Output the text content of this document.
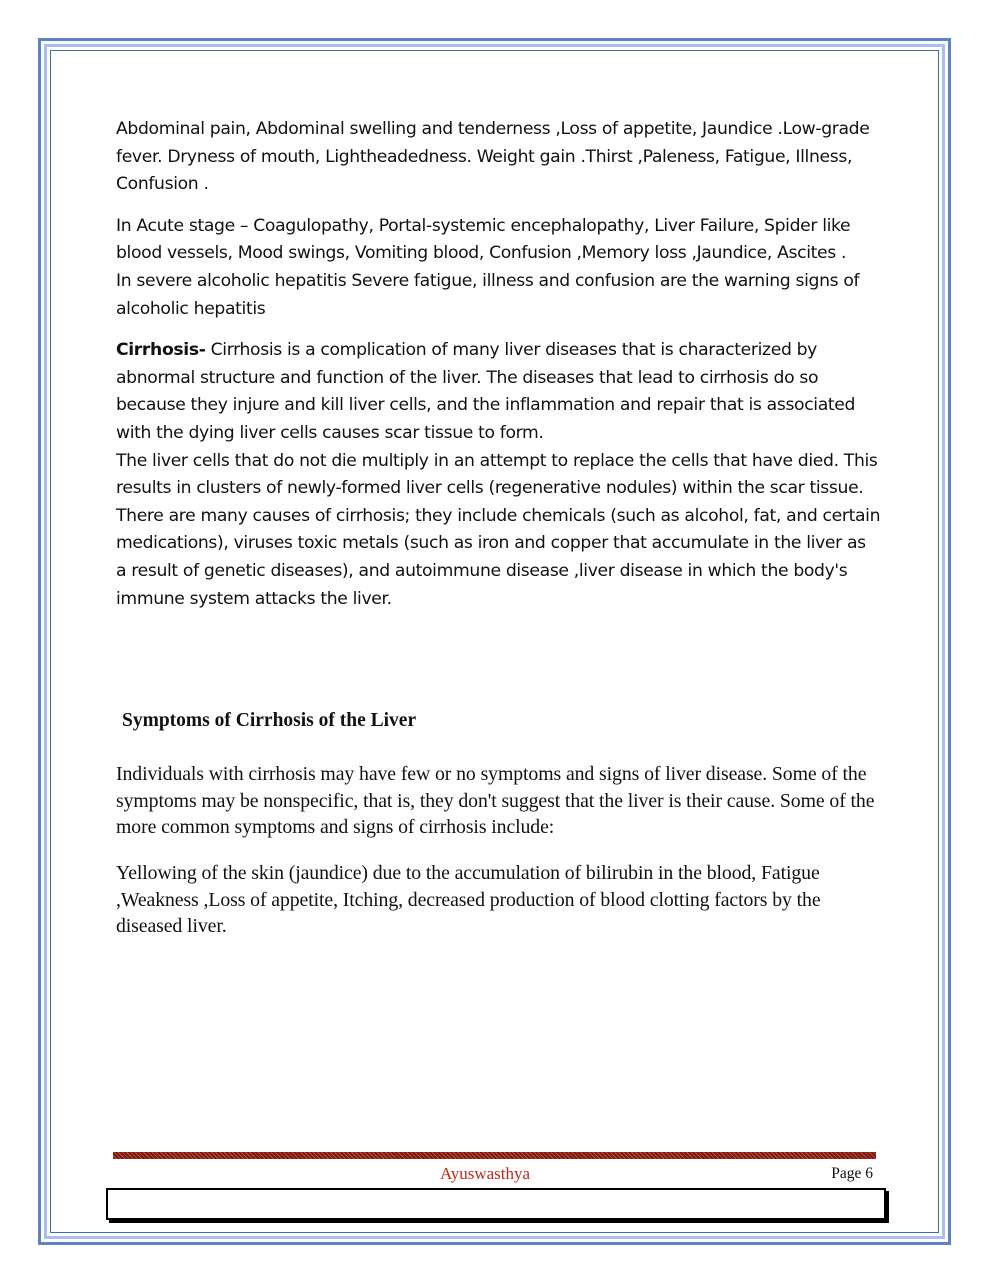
Abdominal pain, Abdominal swelling and tenderness ,Loss of appetite, Jaundice .Low-grade fever. Dryness of mouth, Lightheadedness. Weight gain .Thirst ,Paleness, Fatigue, Illness, Confusion .

In Acute stage – Coagulopathy, Portal-systemic encephalopathy, Liver Failure, Spider like blood vessels, Mood swings, Vomiting blood, Confusion ,Memory loss ,Jaundice, Ascites .

In severe alcoholic hepatitis Severe fatigue, illness and confusion are the warning signs of alcoholic hepatitis

Cirrhosis- Cirrhosis is a complication of many liver diseases that is characterized by abnormal structure and function of the liver. The diseases that lead to cirrhosis do so because they injure and kill liver cells, and the inflammation and repair that is associated with the dying liver cells causes scar tissue to form.

The liver cells that do not die multiply in an attempt to replace the cells that have died. This results in clusters of newly-formed liver cells (regenerative nodules) within the scar tissue. There are many causes of cirrhosis; they include chemicals (such as alcohol, fat, and certain medications), viruses toxic metals (such as iron and copper that accumulate in the liver as a result of genetic diseases), and autoimmune disease ,liver disease in which the body's immune system attacks the liver.

Symptoms of Cirrhosis of the Liver

Individuals with cirrhosis may have few or no symptoms and signs of liver disease. Some of the symptoms may be nonspecific, that is, they don't suggest that the liver is their cause. Some of the more common symptoms and signs of cirrhosis include:

Yellowing of the skin (jaundice) due to the accumulation of bilirubin in the blood, Fatigue ,Weakness ,Loss of appetite, Itching, decreased production of blood clotting factors by the diseased liver.

Ayuswasthya	Page 6
